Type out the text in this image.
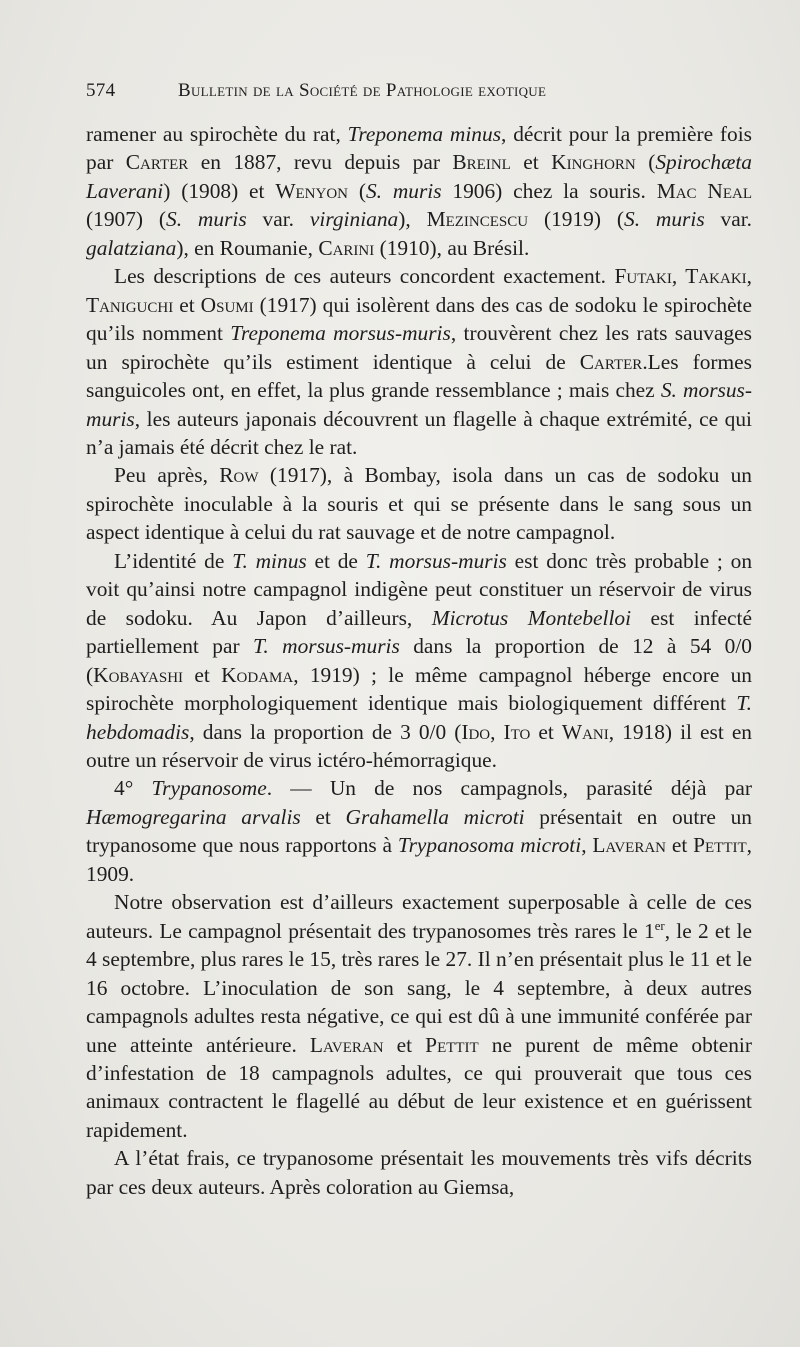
574	Bulletin de la Société de Pathologie exotique

ramener au spirochète du rat, Treponema minus, décrit pour la première fois par Carter en 1887, revu depuis par Breinl et Kinghorn (Spirochæta Laverani) (1908) et Wenyon (S. muris 1906) chez la souris. Mac Neal (1907) (S. muris var. virginiana), Mezincescu (1919) (S. muris var. galatziana), en Roumanie, Carini (1910), au Brésil.

Les descriptions de ces auteurs concordent exactement. Futaki, Takaki, Taniguchi et Osumi (1917) qui isolèrent dans des cas de sodoku le spirochète qu’ils nomment Treponema morsus-muris, trouvèrent chez les rats sauvages un spirochète qu’ils estiment identique à celui de Carter.Les formes sanguicoles ont, en effet, la plus grande ressemblance ; mais chez S. morsus-muris, les auteurs japonais découvrent un flagelle à chaque extrémité, ce qui n’a jamais été décrit chez le rat.

Peu après, Row (1917), à Bombay, isola dans un cas de sodoku un spirochète inoculable à la souris et qui se présente dans le sang sous un aspect identique à celui du rat sauvage et de notre campagnol.

L’identité de T. minus et de T. morsus-muris est donc très probable ; on voit qu’ainsi notre campagnol indigène peut constituer un réservoir de virus de sodoku. Au Japon d’ailleurs, Microtus Montebelloi est infecté partiellement par T. morsus-muris dans la proportion de 12 à 54 0/0 (Kobayashi et Kodama, 1919) ; le même campagnol héberge encore un spirochète morphologiquement identique mais biologiquement différent T. hebdomadis, dans la proportion de 3 0/0 (Ido, Ito et Wani, 1918) il est en outre un réservoir de virus ictéro-hémorragique.

4° Trypanosome. — Un de nos campagnols, parasité déjà par Hæmogregarina arvalis et Grahamella microti présentait en outre un trypanosome que nous rapportons à Trypanosoma microti, Laveran et Pettit, 1909.

Notre observation est d’ailleurs exactement superposable à celle de ces auteurs. Le campagnol présentait des trypanosomes très rares le 1er, le 2 et le 4 septembre, plus rares le 15, très rares le 27. Il n’en présentait plus le 11 et le 16 octobre. L’inoculation de son sang, le 4 septembre, à deux autres campagnols adultes resta négative, ce qui est dû à une immunité conférée par une atteinte antérieure. Laveran et Pettit ne purent de même obtenir d’infestation de 18 campagnols adultes, ce qui prouverait que tous ces animaux contractent le flagellé au début de leur existence et en guérissent rapidement.

A l’état frais, ce trypanosome présentait les mouvements très vifs décrits par ces deux auteurs. Après coloration au Giemsa,
